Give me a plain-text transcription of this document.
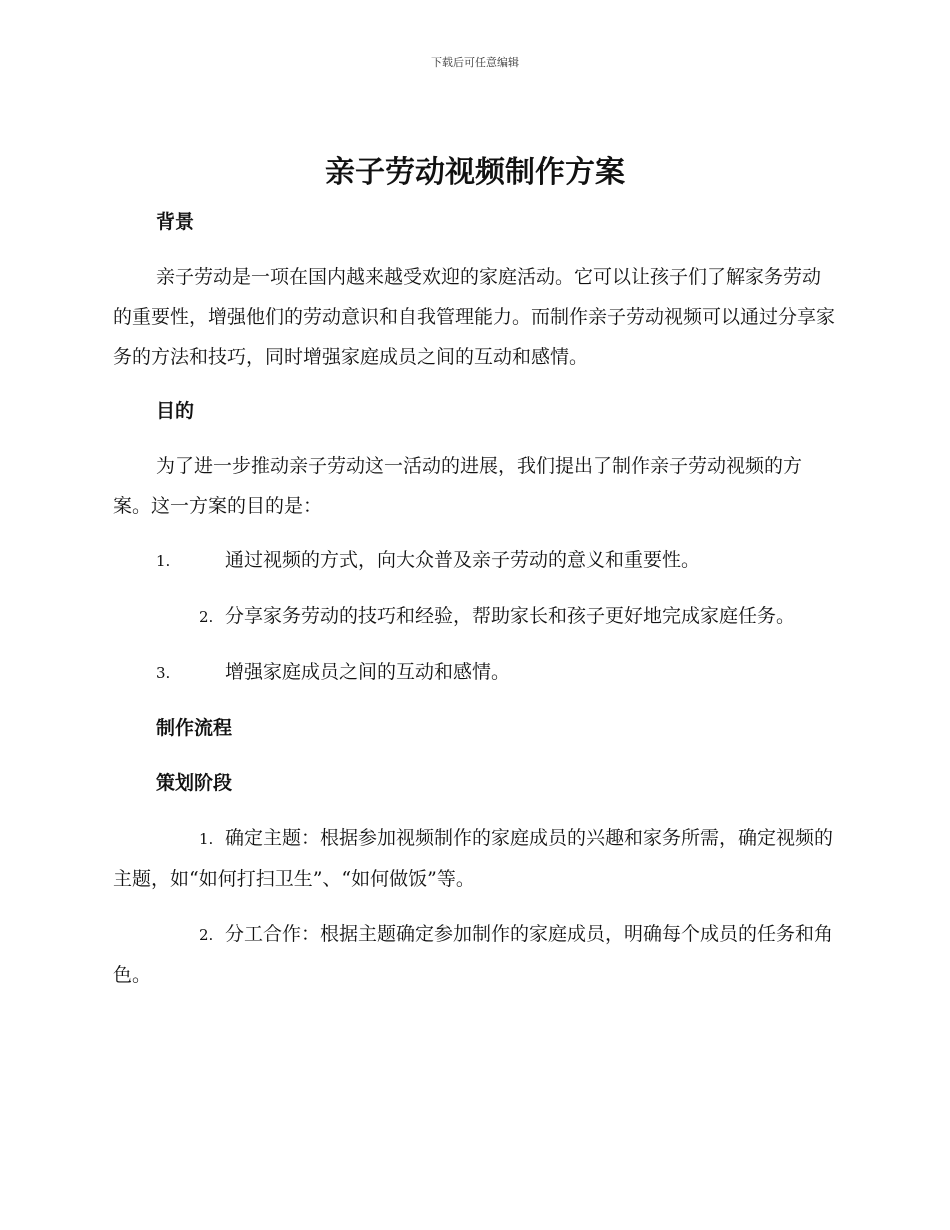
下载后可任意编辑
亲子劳动视频制作方案
背景

亲子劳动是一项在国内越来越受欢迎的家庭活动。它可以让孩子们了解家务劳动的重要性，增强他们的劳动意识和自我管理能力。而制作亲子劳动视频可以通过分享家务的方法和技巧，同时增强家庭成员之间的互动和感情。

目的

为了进一步推动亲子劳动这一活动的进展，我们提出了制作亲子劳动视频的方案。这一方案的目的是：

1.	通过视频的方式，向大众普及亲子劳动的意义和重要性。

2. 分享家务劳动的技巧和经验，帮助家长和孩子更好地完成家庭任务。

3.	增强家庭成员之间的互动和感情。

制作流程
策划阶段

1. 确定主题：根据参加视频制作的家庭成员的兴趣和家务所需，确定视频的主题，如“如何打扫卫生”、“如何做饭”等。

2. 分工合作：根据主题确定参加制作的家庭成员，明确每个成员的任务和角色。
